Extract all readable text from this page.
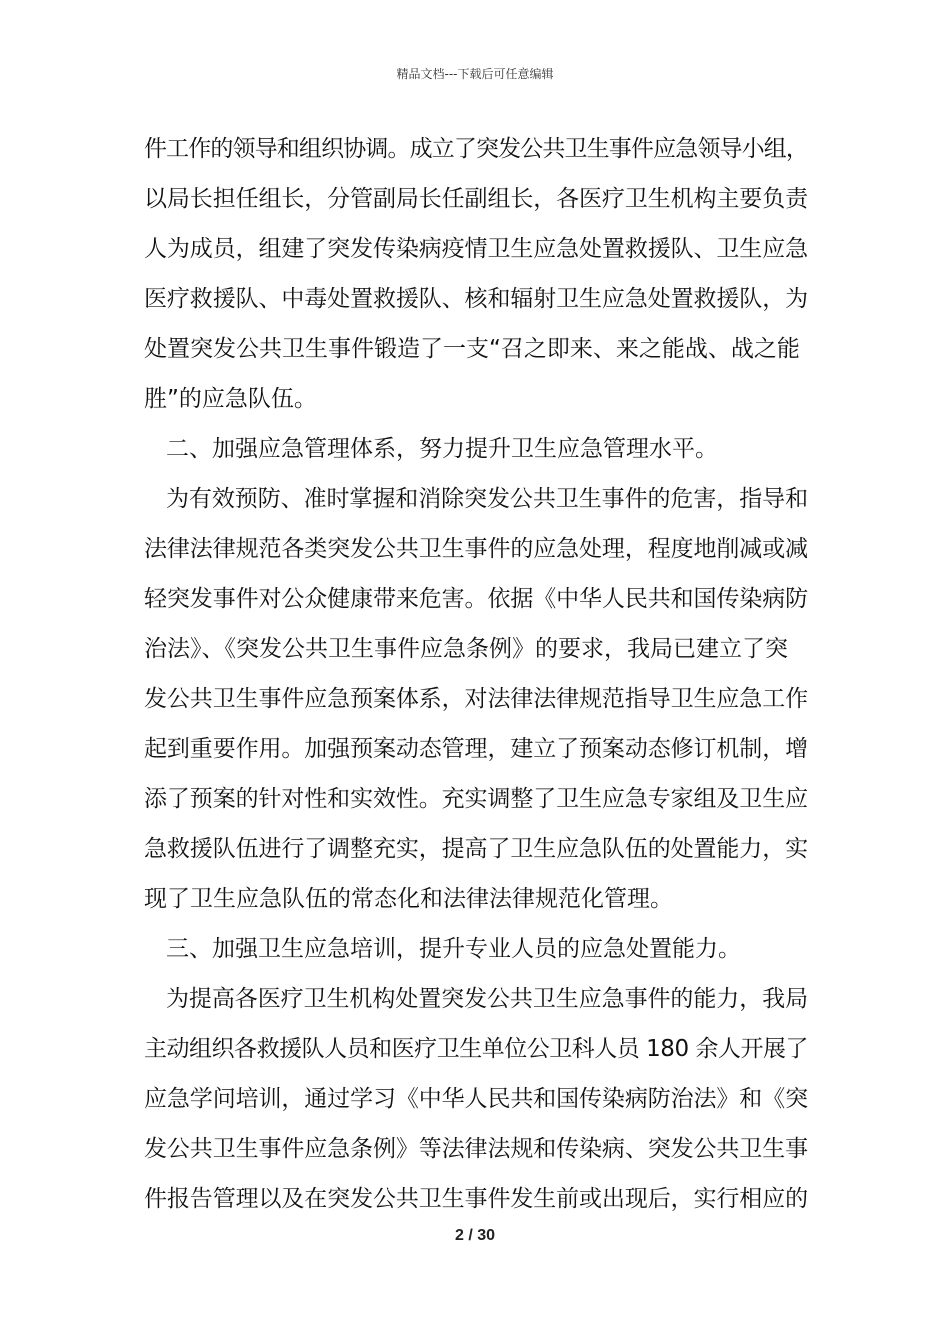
精品文档---下载后可任意编辑
件工作的领导和组织协调。成立了突发公共卫生事件应急领导小组，
以局长担任组长，分管副局长任副组长，各医疗卫生机构主要负责
人为成员，组建了突发传染病疫情卫生应急处置救援队、卫生应急
医疗救援队、中毒处置救援队、核和辐射卫生应急处置救援队，为
处置突发公共卫生事件锻造了一支“召之即来、来之能战、战之能
胜”的应急队伍。
二、加强应急管理体系，努力提升卫生应急管理水平。
为有效预防、准时掌握和消除突发公共卫生事件的危害，指导和
法律法律规范各类突发公共卫生事件的应急处理，程度地削减或减
轻突发事件对公众健康带来危害。依据《中华人民共和国传染病防
治法》、《突发公共卫生事件应急条例》的要求，我局已建立了突
发公共卫生事件应急预案体系，对法律法律规范指导卫生应急工作
起到重要作用。加强预案动态管理，建立了预案动态修订机制，增
添了预案的针对性和实效性。充实调整了卫生应急专家组及卫生应
急救援队伍进行了调整充实，提高了卫生应急队伍的处置能力，实
现了卫生应急队伍的常态化和法律法律规范化管理。
三、加强卫生应急培训，提升专业人员的应急处置能力。
为提高各医疗卫生机构处置突发公共卫生应急事件的能力，我局
主动组织各救援队人员和医疗卫生单位公卫科人员 180 余人开展了
应急学问培训，通过学习《中华人民共和国传染病防治法》和《突
发公共卫生事件应急条例》等法律法规和传染病、突发公共卫生事
件报告管理以及在突发公共卫生事件发生前或出现后，实行相应的
2 / 30
